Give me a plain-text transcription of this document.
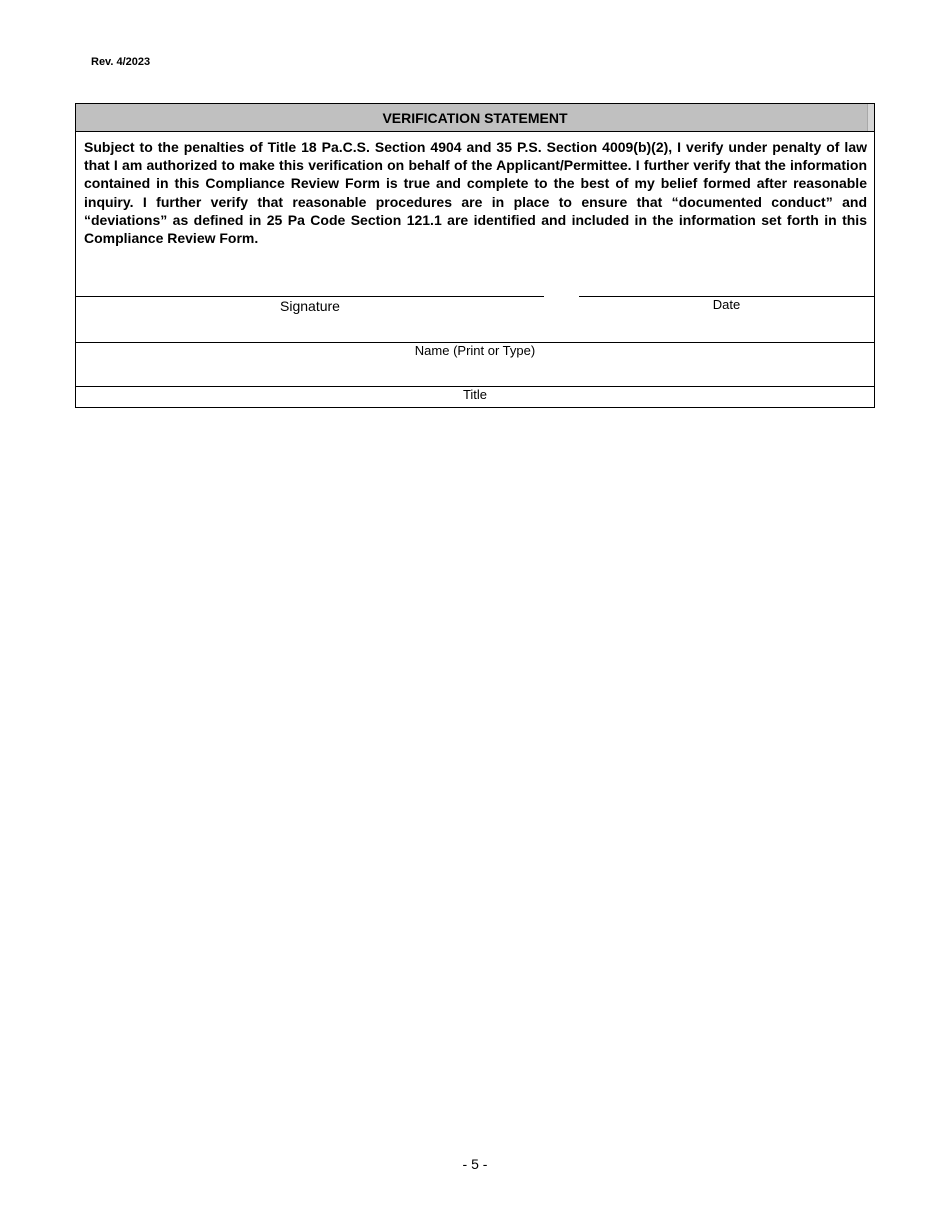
Rev. 4/2023
VERIFICATION STATEMENT
Subject to the penalties of Title 18 Pa.C.S. Section 4904 and 35 P.S. Section 4009(b)(2), I verify under penalty of law that I am authorized to make this verification on behalf of the Applicant/Permittee. I further verify that the information contained in this Compliance Review Form is true and complete to the best of my belief formed after reasonable inquiry. I further verify that reasonable procedures are in place to ensure that “documented conduct” and “deviations” as defined in 25 Pa Code Section 121.1 are identified and included in the information set forth in this Compliance Review Form.
Signature	Date
Name (Print or Type)
Title
- 5 -
